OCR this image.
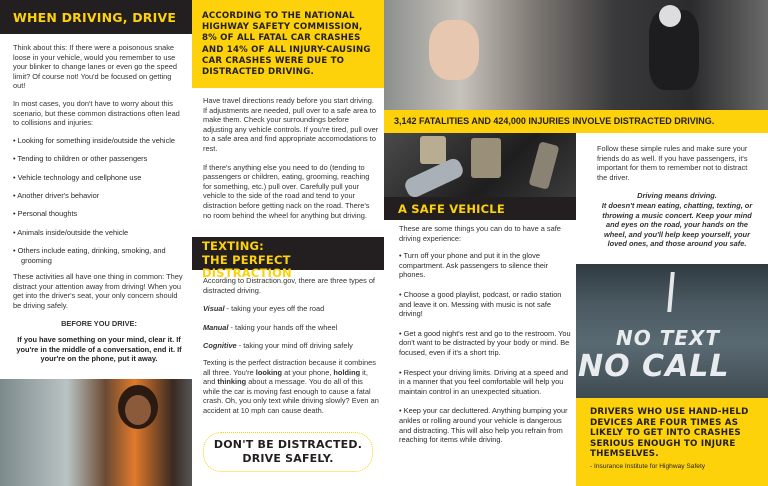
WHEN DRIVING, DRIVE

Think about this: If there were a poisonous snake loose in your vehicle, would you remember to use your blinker to change lanes or even go the speed limit? Of course not! You'd be focused on getting out!

In most cases, you don't have to worry about this scenario, but these common distractions often lead to collisions and injuries:

• Looking for something inside/outside the vehicle
• Tending to children or other passengers
• Vehicle technology and cellphone use
• Another driver's behavior
• Personal thoughts
• Animals inside/outside the vehicle
• Others include eating, drinking, smoking, and grooming

These activities all have one thing in common: They distract your attention away from driving! When you get into the driver's seat, your only concern should be driving safely.

BEFORE YOU DRIVE:

If you have something on your mind, clear it. If you're in the middle of a conversation, end it. If your're on the phone, put it away.

ACCORDING TO THE NATIONAL HIGHWAY SAFETY COMMISSION, 8% OF ALL FATAL CAR CRASHES AND 14% OF ALL INJURY-CAUSING CAR CRASHES WERE DUE TO DISTRACTED DRIVING.

Have travel directions ready before you start driving. If adjustments are needed, pull over to a safe area to make them. Check your surroundings before adjusting any vehicle controls. If you're tired, pull over to a safe area and find appropriate accomodations to rest.

If there's anything else you need to do (tending to passengers or children, eating, grooming, reaching for something, etc.) pull over. Carefully pull your vehicle to the side of the road and tend to your distraction before getting nack on the road. There's no room behind the wheel for anything but driving.

TEXTING:
THE PERFECT DISTRACTION

According to Distraction.gov, there are three types of distracted driving.

Visual - taking your eyes off the road

Manual - taking your hands off the wheel

Cognitive - taking your mind off driving safely

Texting is the perfect distraction because it combines all three. You're looking at your phone, holding it, and thinking about a message. You do all of this while the car is moving fast enough to cause a fatal crash. Oh, you only text while driving slowly? Even an accident at 10 mph can cause death.

DON'T BE DISTRACTED.
DRIVE SAFELY.
3,142 FATALITIES AND 424,000 INJURIES INVOLVE DISTRACTED DRIVING.
A SAFE VEHICLE

These are some things you can do to have a safe driving experience:

• Turn off your phone and put it in the glove compartment. Ask passengers to silence their phones.
• Choose a good playlist, podcast, or radio station and leave it on. Messing with music is not safe driving!
• Get a good night's rest and go to the restroom. You don't want to be distracted by your body or mind. Be focused, even if it's a short trip.
• Respect your driving limits. Driving at a speed and in a manner that you feel comfortable will help you maintain control in an unexpected situation.
• Keep your car decluttered. Anything bumping your ankles or rolling around your vehicle is dangerous and distracting. This will also help you refrain from reaching for items while driving.

Follow these simple rules and make sure your friends do as well. If you have passengers, it's important for them to remember not to distract the driver.

Driving means driving.

It doesn't mean eating, chatting, texting, or throwing a music concert. Keep your mind and eyes on the road, your hands on the wheel, and you'll help keep yourself, your loved ones, and those around you safe.

NO TEXT
NO CALL
DRIVERS WHO USE HAND-HELD DEVICES ARE FOUR TIMES AS LIKELY TO GET INTO CRASHES SERIOUS ENOUGH TO INJURE THEMSELVES.
- Insurance Institute for Highway Safety
